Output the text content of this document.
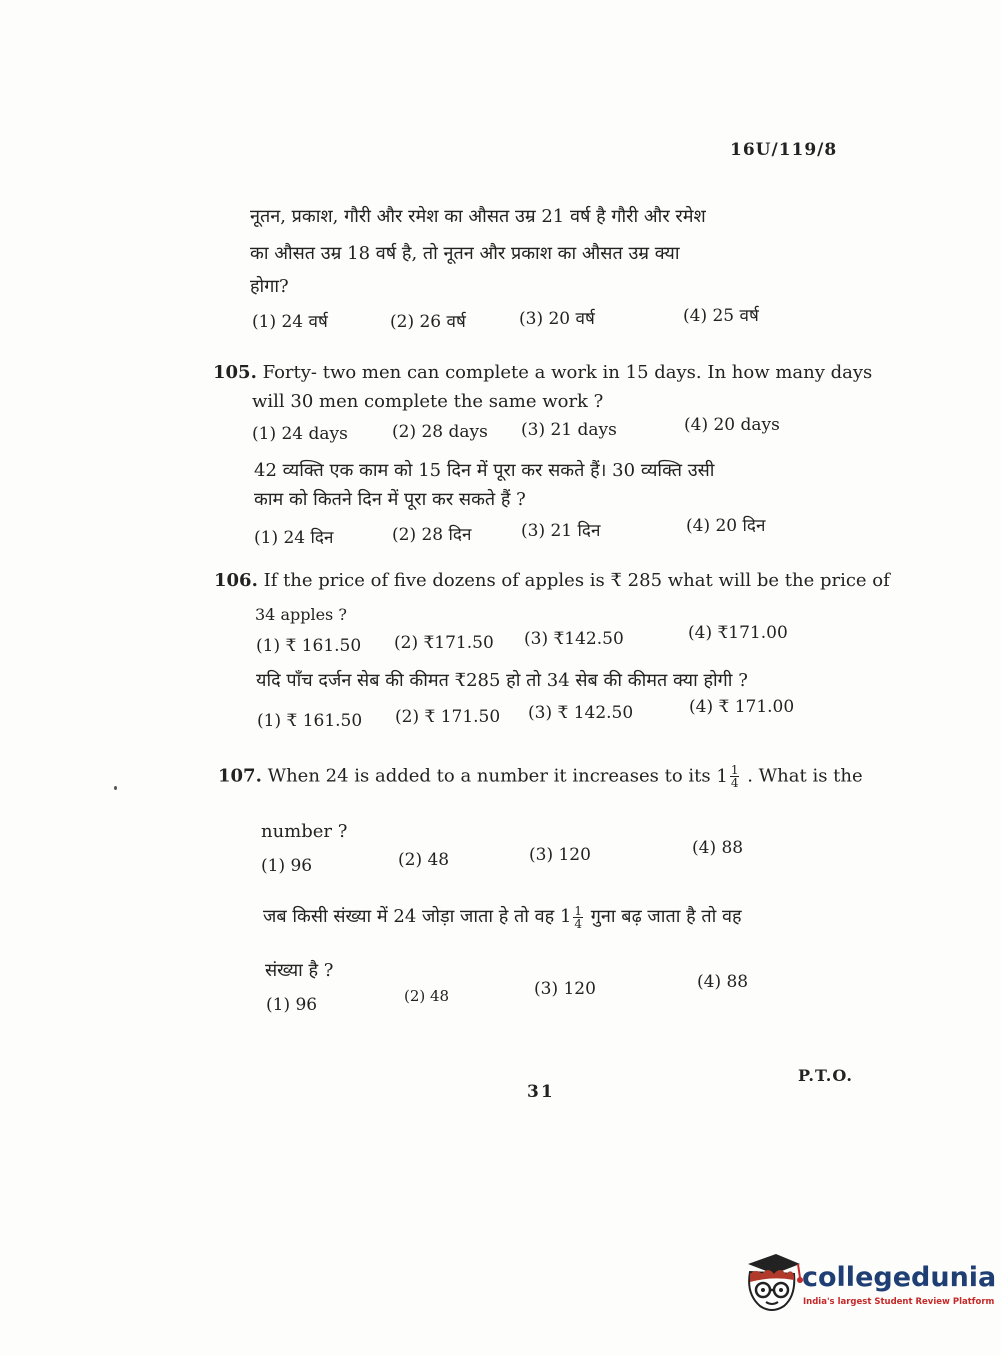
16U/119/8
नूतन, प्रकाश, गौरी और रमेश का औसत उम्र 21 वर्ष है गौरी और रमेश
का औसत उम्र 18 वर्ष है, तो नूतन और प्रकाश का औसत उम्र क्या
होगा?
(1) 24 वर्ष	(2) 26 वर्ष	(3) 20 वर्ष	(4) 25 वर्ष
105. Forty- two men can complete a work in 15 days. In how many days
will 30 men complete the same work ?
(1) 24 days	(2) 28 days (3) 21 days	(4) 20 days
42 व्यक्ति एक काम को 15 दिन में पूरा कर सकते हैं। 30 व्यक्ति उसी
काम को कितने दिन में पूरा कर सकते हैं ?
(1) 24 दिन	(2) 28 दिन	(3) 21 दिन	(4) 20 दिन
106. If the price of five dozens of apples is ₹ 285 what will be the price of
34 apples ?
(1) ₹ 161.50 (2) ₹171.50 (3) ₹142.50	(4) ₹171.00
यदि पाँच दर्जन सेब की कीमत ₹285 हो तो 34 सेब की कीमत क्या होगी ?
(1) ₹ 161.50 (2) ₹ 171.50 (3) ₹ 142.50	(4) ₹ 171.00
107. When 24 is added to a number it increases to its $1 \frac{1}{4}$ . What is the
number ?
(1) 96	(2) 48	(3) 120	(4) 88
जब किसी संख्या में 24 जोड़ा जाता हे तो वह $1 \frac{1}{4}$ गुना बढ़ जाता है तो वह
संख्या है ?
(1) 96	(2) 48	(3) 120	(4) 88
P.T.O.
31
collegedunia
India's largest Student Review Platform
